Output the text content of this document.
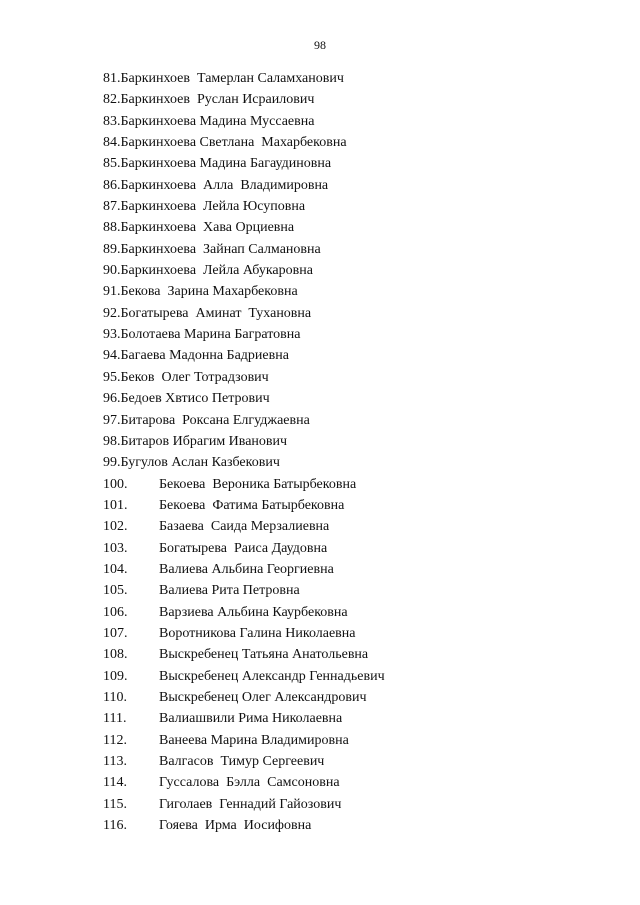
98
81.Баркинхоев  Тамерлан Саламханович
82.Баркинхоев  Руслан Исраилович
83.Баркинхоева Мадина Муссаевна
84.Баркинхоева Светлана  Махарбековна
85.Баркинхоева Мадина Багаудиновна
86.Баркинхоева  Алла  Владимировна
87.Баркинхоева  Лейла Юсуповна
88.Баркинхоева  Хава Орциевна
89.Баркинхоева  Зайнап Салмановна
90.Баркинхоева  Лейла Абукаровна
91.Бекова  Зарина Махарбековна
92.Богатырева  Аминат  Тухановна
93.Болотаева Марина Багратовна
94.Багаева Мадонна Бадриевна
95.Беков  Олег Тотрадзович
96.Бедоев Хвтисо Петрович
97.Битарова  Роксана Елгуджаевна
98.Битаров Ибрагим Иванович
99.Бугулов Аслан Казбекович
100. Бекоева  Вероника Батырбековна
101. Бекоева  Фатима Батырбековна
102. Базаева  Саида Мерзалиевна
103. Богатырева  Раиса Даудовна
104. Валиева Альбина Георгиевна
105. Валиева Рита Петровна
106. Варзиева Альбина Каурбековна
107. Воротникова Галина Николаевна
108. Выскребенец Татьяна Анатольевна
109. Выскребенец Александр Геннадьевич
110. Выскребенец Олег Александрович
111. Валиашвили Рима Николаевна
112. Ванеева Марина Владимировна
113. Валгасов  Тимур Сергеевич
114. Гуссалова  Бэлла  Самсоновна
115. Гиголаев  Геннадий Гайозович
116. Гояева  Ирма  Иосифовна
